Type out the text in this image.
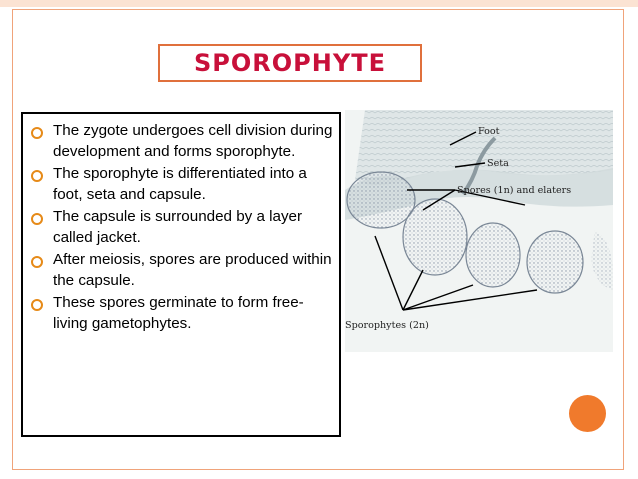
SPOROPHYTE
The zygote undergoes cell division during development and forms sporophyte.
The sporophyte is differentiated into a foot, seta and capsule.
The capsule is surrounded by a layer called jacket.
After meiosis, spores are produced within the capsule.
These spores germinate to form free-living gametophytes.
Foot
Seta
Spores (1n) and elaters
Sporophytes (2n)
